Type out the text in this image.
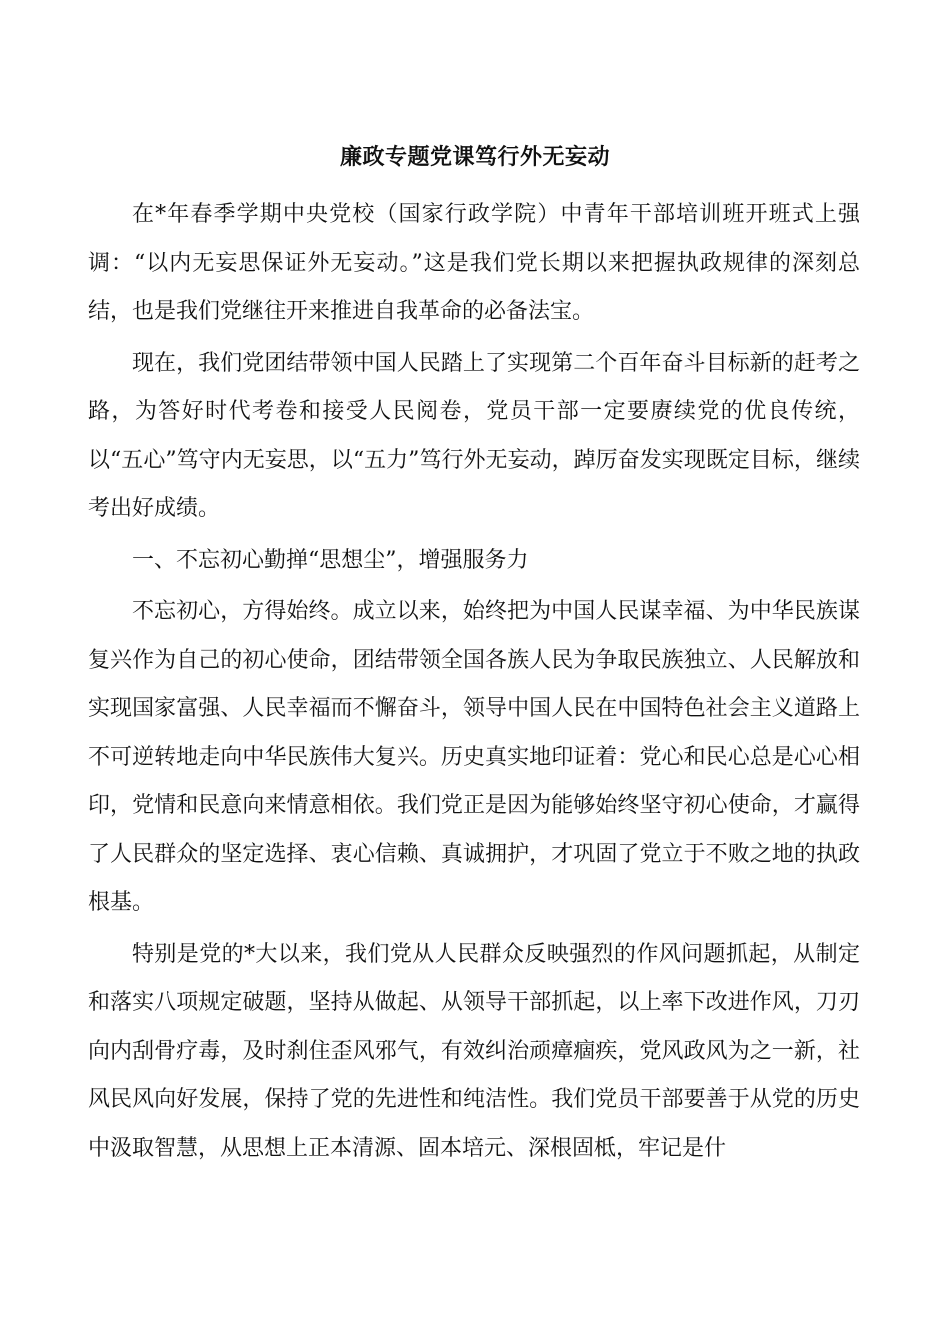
廉政专题党课笃行外无妄动

在*年春季学期中央党校（国家行政学院）中青年干部培训班开班式上强调：“以内无妄思保证外无妄动。”这是我们党长期以来把握执政规律的深刻总结，也是我们党继往开来推进自我革命的必备法宝。

现在，我们党团结带领中国人民踏上了实现第二个百年奋斗目标新的赶考之路，为答好时代考卷和接受人民阅卷，党员干部一定要赓续党的优良传统，以“五心”笃守内无妄思，以“五力”笃行外无妄动，踔厉奋发实现既定目标，继续考出好成绩。

一、不忘初心勤掸“思想尘”，增强服务力

不忘初心，方得始终。成立以来，始终把为中国人民谋幸福、为中华民族谋复兴作为自己的初心使命，团结带领全国各族人民为争取民族独立、人民解放和实现国家富强、人民幸福而不懈奋斗，领导中国人民在中国特色社会主义道路上不可逆转地走向中华民族伟大复兴。历史真实地印证着：党心和民心总是心心相印，党情和民意向来情意相依。我们党正是因为能够始终坚守初心使命，才赢得了人民群众的坚定选择、衷心信赖、真诚拥护，才巩固了党立于不败之地的执政根基。

特别是党的*大以来，我们党从人民群众反映强烈的作风问题抓起，从制定和落实八项规定破题，坚持从做起、从领导干部抓起，以上率下改进作风，刀刃向内刮骨疗毒，及时刹住歪风邪气，有效纠治顽瘴痼疾，党风政风为之一新，社风民风向好发展，保持了党的先进性和纯洁性。我们党员干部要善于从党的历史中汲取智慧，从思想上正本清源、固本培元、深根固柢，牢记是什
